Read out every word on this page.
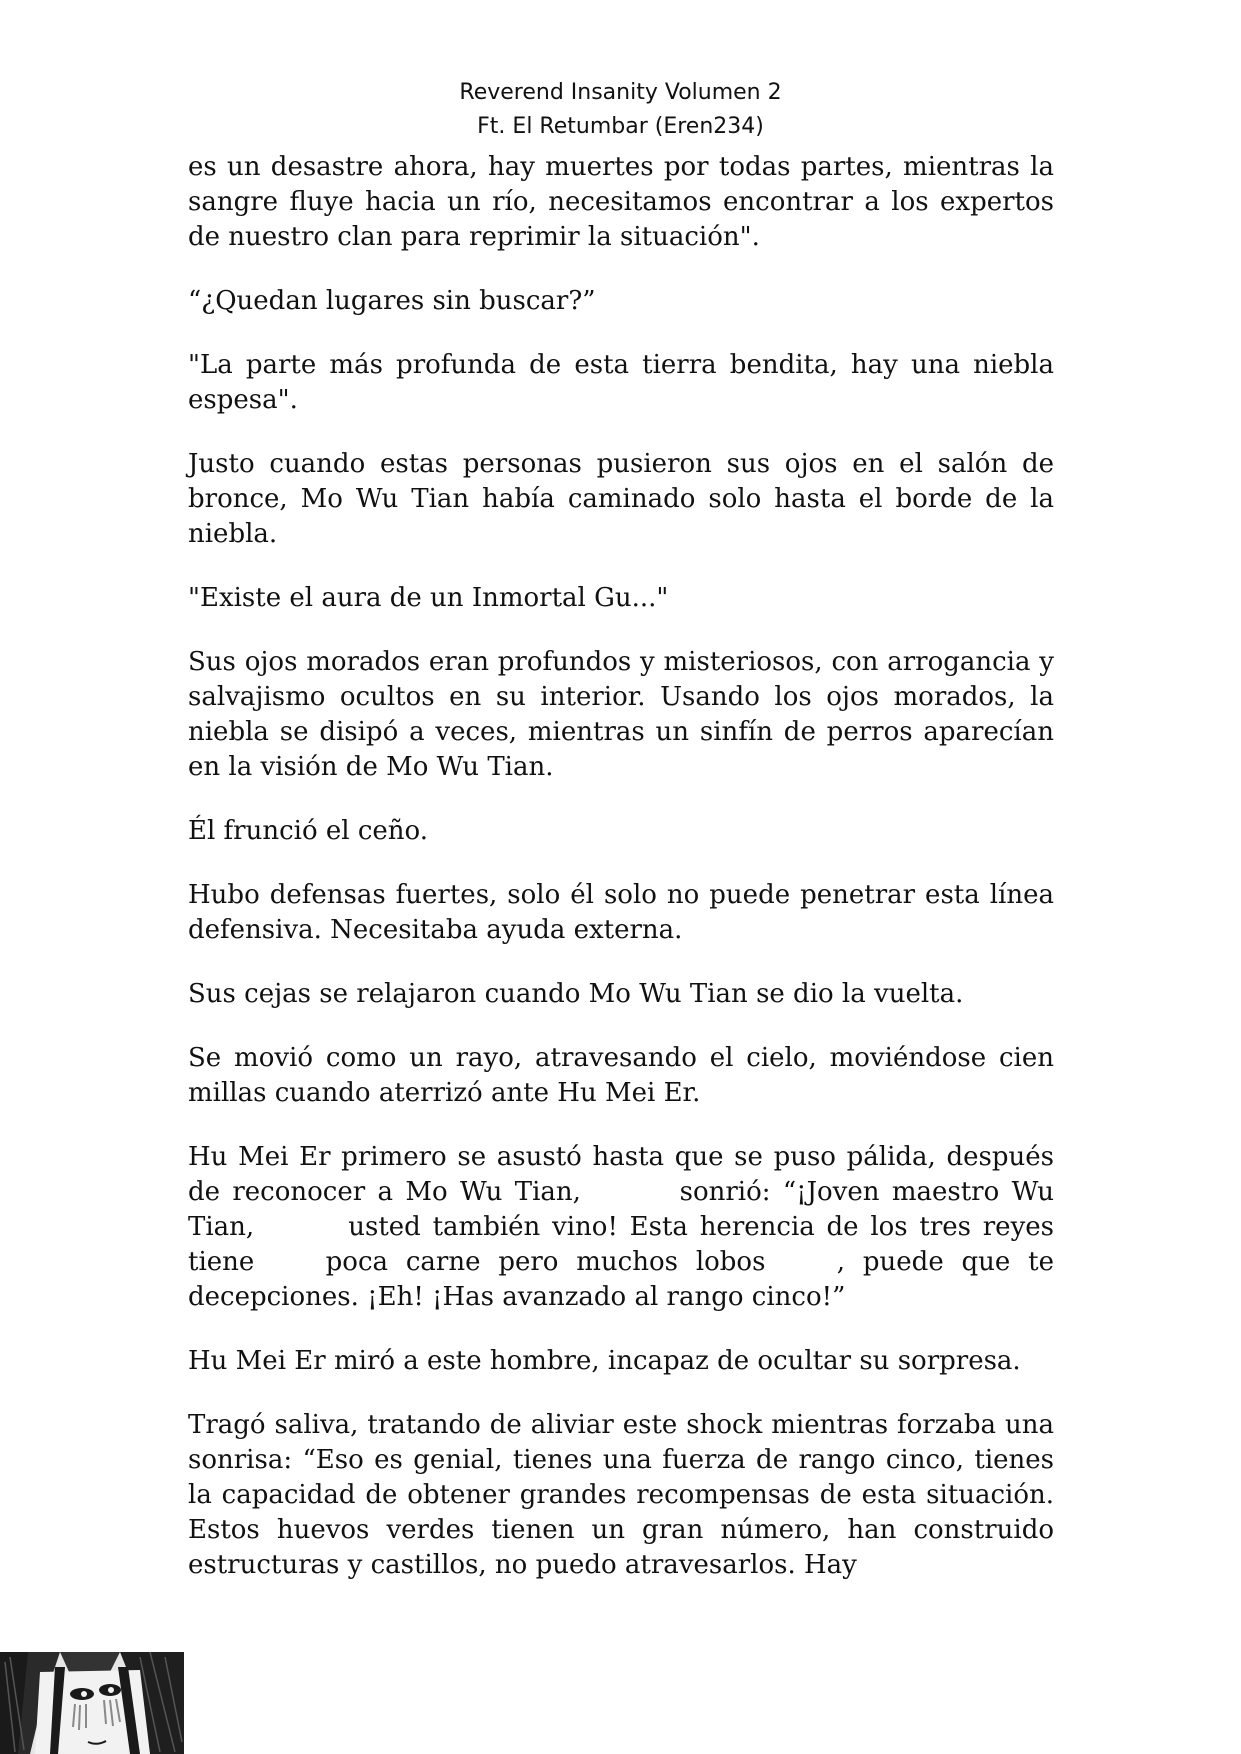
Reverend Insanity Volumen 2
Ft. El Retumbar (Eren234)

es un desastre ahora, hay muertes por todas partes, mientras la sangre fluye hacia un río, necesitamos encontrar a los expertos de nuestro clan para reprimir la situación".

“¿Quedan lugares sin buscar?”

"La parte más profunda de esta tierra bendita, hay una niebla espesa".

Justo cuando estas personas pusieron sus ojos en el salón de bronce, Mo Wu Tian había caminado solo hasta el borde de la niebla.

"Existe el aura de un Inmortal Gu..."

Sus ojos morados eran profundos y misteriosos, con arrogancia y salvajismo ocultos en su interior. Usando los ojos morados, la niebla se disipó a veces, mientras un sinfín de perros aparecían en la visión de Mo Wu Tian.

Él frunció el ceño.

Hubo defensas fuertes, solo él solo no puede penetrar esta línea defensiva. Necesitaba ayuda externa.

Sus cejas se relajaron cuando Mo Wu Tian se dio la vuelta.

Se movió como un rayo, atravesando el cielo, moviéndose cien millas cuando aterrizó ante Hu Mei Er.

Hu Mei Er primero se asustó hasta que se puso pálida, después de reconocer a Mo Wu Tian,        sonrió: “¡Joven maestro Wu Tian,        usted también vino! Esta herencia de los tres reyes tiene    poca carne pero muchos lobos    , puede que te decepciones. ¡Eh! ¡Has avanzado al rango cinco!”

Hu Mei Er miró a este hombre, incapaz de ocultar su sorpresa.

Tragó saliva, tratando de aliviar este shock mientras forzaba una sonrisa: “Eso es genial, tienes una fuerza de rango cinco, tienes la capacidad de obtener grandes recompensas de esta situación. Estos huevos verdes tienen un gran número, han construido estructuras y castillos, no puedo atravesarlos. Hay
